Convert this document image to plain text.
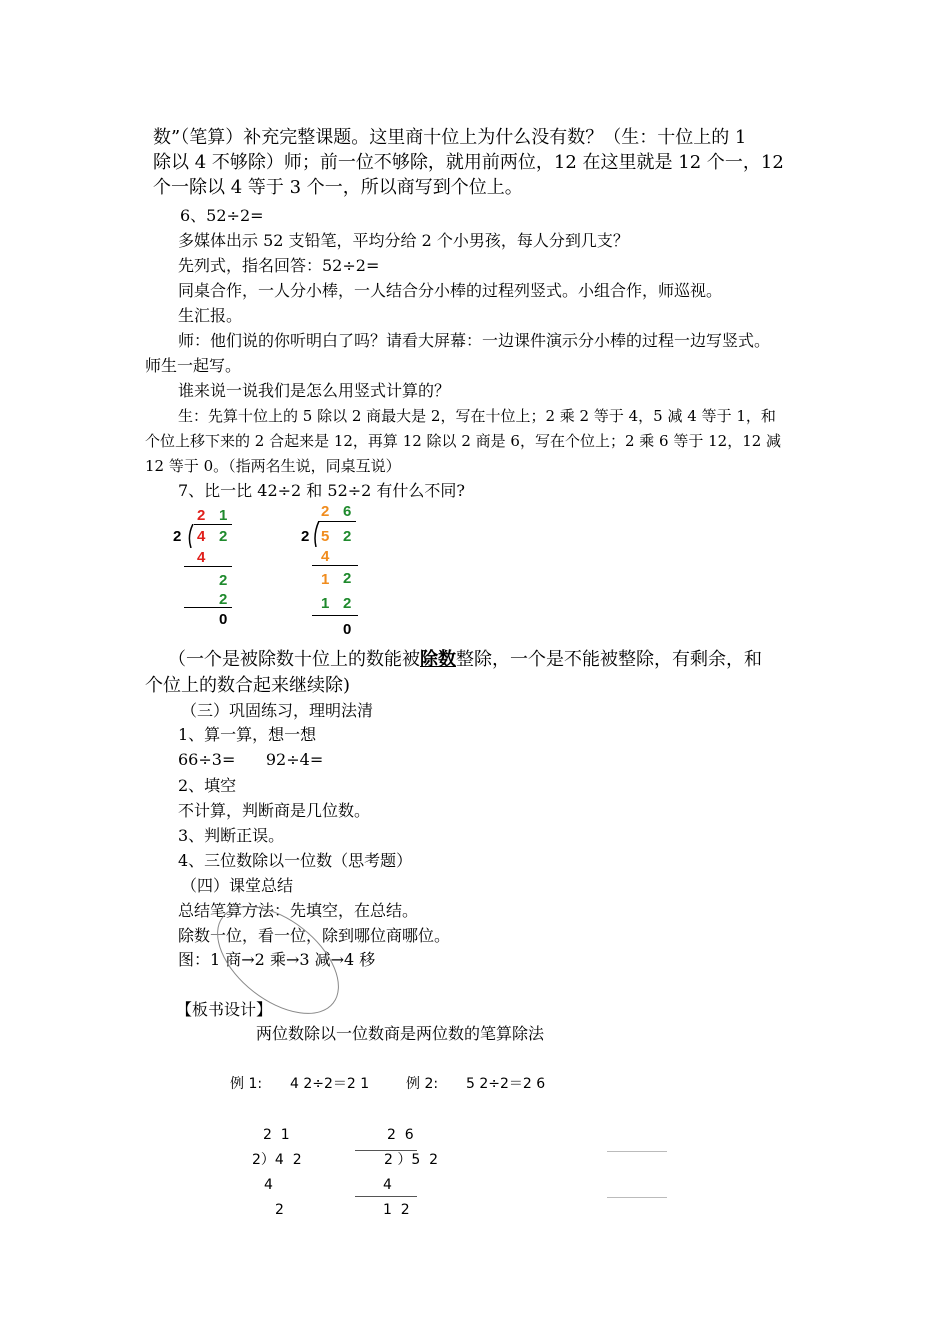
数”（笔算）补充完整课题。这里商十位上为什么没有数？（生：十位上的 1
除以 4 不够除）师；前一位不够除，就用前两位，12 在这里就是 12 个一，12
个一除以 4 等于 3 个一，所以商写到个位上。
6、52÷2=
多媒体出示 52 支铅笔，平均分给 2 个小男孩，每人分到几支？
先列式，指名回答：52÷2=
同桌合作，一人分小棒，一人结合分小棒的过程列竖式。小组合作，师巡视。
生汇报。
师：他们说的你听明白了吗？请看大屏幕：一边课件演示分小棒的过程一边写竖式。
师生一起写。
谁来说一说我们是怎么用竖式计算的？
生：先算十位上的 5 除以 2 商最大是 2，写在十位上；2 乘 2 等于 4，5 减 4 等于 1，和
个位上移下来的 2 合起来是 12，再算 12 除以 2 商是 6，写在个位上；2 乘 6 等于 12，12 减
12 等于 0。（指两名生说，同桌互说）
7、比一比 42÷2 和 52÷2 有什么不同?
2 1
2 4 2
4
2
2
0
2 6
2 5 2
4
1 2
1 2
0
（一个是被除数十位上的数能被除数整除，一个是不能被整除，有剩余，和
个位上的数合起来继续除)
（三）巩固练习，理明法清
1、算一算，想一想
66÷3=      92÷4=
2、填空
不计算，判断商是几位数。
3、判断正误。
4、三位数除以一位数（思考题）
（四）课堂总结
总结笔算方法：先填空，在总结。
除数一位，看一位，除到哪位商哪位。
图：1 商→2 乘→3 减→4 移
【板书设计】
两位数除以一位数商是两位数的笔算除法
例 1: 4 2÷2＝2 1	例 2: 5 2÷2＝2 6
2  1
2）4  2
4
2
2  6
2 ）5  2
4
1  2
